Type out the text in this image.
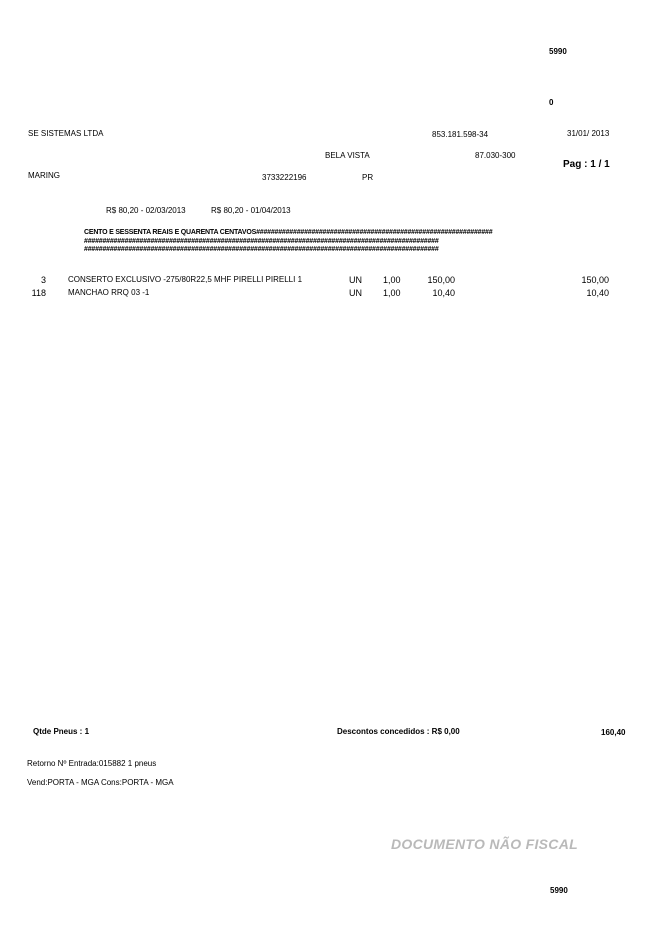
5990
0
SE SISTEMAS LTDA	853.181.598-34	31/01/ 2013
BELA VISTA	87.030-300
Pag : 1 / 1
MARING	3733222196	PR
R$ 80,20 - 02/03/2013	R$ 80,20 - 01/04/2013
CENTO E SESSENTA REAIS E QUARENTA CENTAVOS################################################################
################################################################################################
################################################################################################
3	CONSERTO EXCLUSIVO -275/80R22,5 MHF PIRELLI PIRELLI 1	UN 1,00	150,00	150,00
118	MANCHAO RRQ 03 -1	UN 1,00	10,40	10,40
Qtde Pneus : 1	Descontos concedidos : R$ 0,00	160,40
Retorno Nº Entrada:015882 1 pneus
Vend:PORTA - MGA Cons:PORTA - MGA
DOCUMENTO NÃO FISCAL
5990
